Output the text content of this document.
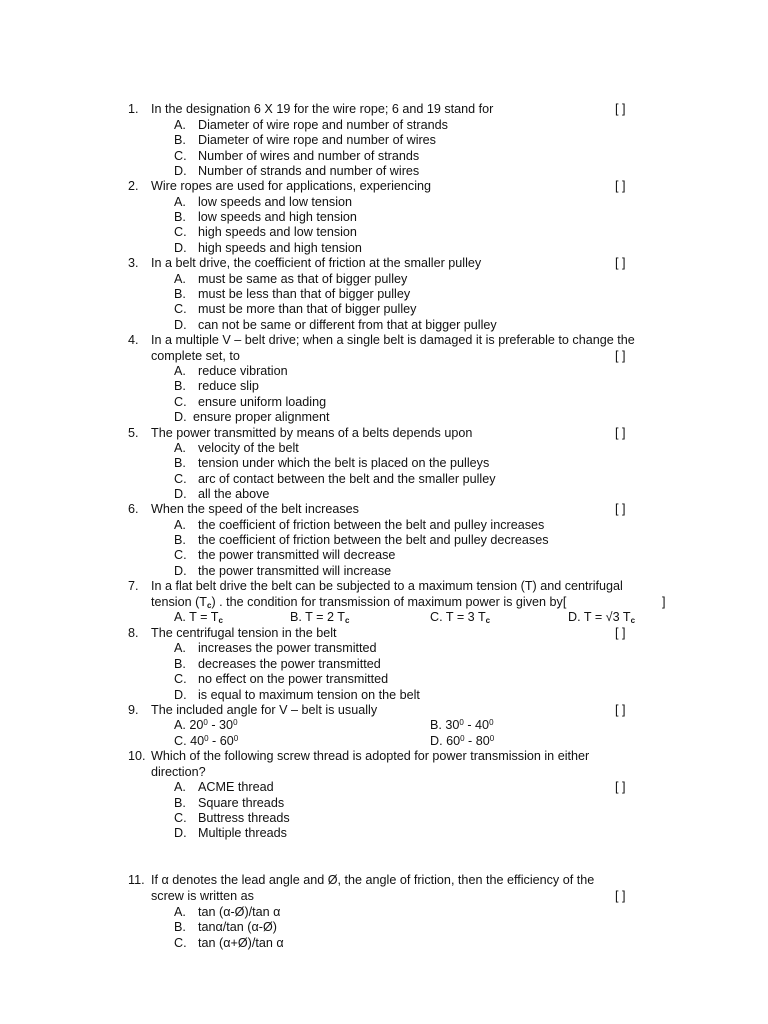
1. In the designation 6 X 19 for the wire rope; 6 and 19 stand for	[ ]
A. Diameter of wire rope and number of strands
B. Diameter of wire rope and number of wires
C. Number of wires and number of strands
D. Number of strands and number of wires
2. Wire ropes are used for applications, experiencing	[ ]
A. low speeds and low tension
B. low speeds and high tension
C. high speeds and low tension
D. high speeds and high tension
3. In a belt drive, the coefficient of friction at the smaller pulley	[ ]
A. must be same as that of bigger pulley
B. must be less than that of bigger pulley
C. must be more than that of bigger pulley
D. can not be same or different from that at bigger pulley
4. In a multiple V – belt drive; when a single belt is damaged it is preferable to change the
complete set, to	[ ]
A. reduce vibration
B. reduce slip
C. ensure uniform loading
D. ensure proper alignment
5. The power transmitted by means of a belts depends upon	[ ]
A. velocity of the belt
B. tension under which the belt is placed on the pulleys
C. arc of contact between the belt and the smaller pulley
D. all the above
6. When the speed of the belt increases	[ ]
A. the coefficient of friction between the belt and pulley increases
B. the coefficient of friction between the belt and pulley decreases
C. the power transmitted will decrease
D. the power transmitted will increase
7. In a flat belt drive the belt can be subjected to a maximum tension (T) and centrifugal
tension (Tc) . the condition for transmission of maximum power is given by[	]
A. T = Tc	B. T = 2 Tc	C. T = 3 Tc	D. T = √3 Tc
8. The centrifugal tension in the belt	[ ]
A. increases the power transmitted
B. decreases the power transmitted
C. no effect on the power transmitted
D. is equal to maximum tension on the belt
9. The included angle for V – belt is usually	[ ]
A. $20^0 - 30^0$	B. $30^0 - 40^0$
C. $40^0 - 60^0$	D. $60^0 - 80^0$
10. Which of the following screw thread is adopted for power transmission in either
direction?
[ ]
A. ACME thread
B. Square threads
C. Buttress threads
D. Multiple threads
11. If α denotes the lead angle and Ø, the angle of friction, then the efficiency of the
screw is written as	[ ]
A. tan (α-Ø)/tan α
B. tanα/tan (α-Ø)
C. tan (α+Ø)/tan α
